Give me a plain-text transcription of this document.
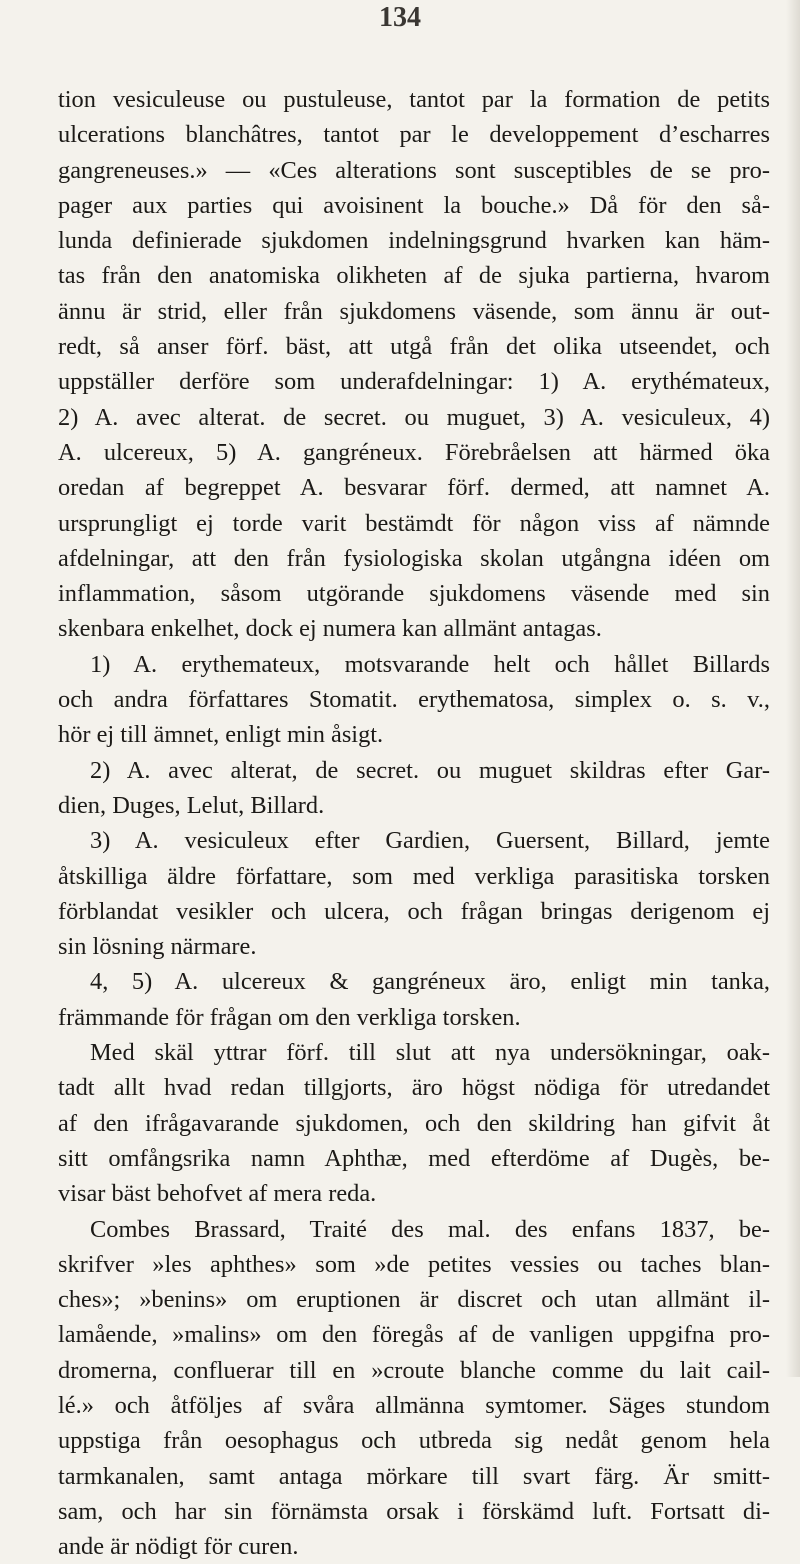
134
tion vesiculeuse ou pustuleuse, tantot par la formation de petits
ulcerations blanchâtres, tantot par le developpement d’escharres
gangreneuses.» — «Ces alterations sont susceptibles de se pro-
pager aux parties qui avoisinent la bouche.» Då för den så-
lunda definierade sjukdomen indelningsgrund hvarken kan häm-
tas från den anatomiska olikheten af de sjuka partierna, hvarom
ännu är strid, eller från sjukdomens väsende, som ännu är out-
redt, så anser förf. bäst, att utgå från det olika utseendet, och
uppställer derföre som underafdelningar: 1) A. erythémateux,
2) A. avec alterat. de secret. ou muguet, 3) A. vesiculeux, 4)
A. ulcereux, 5) A. gangréneux. Förebråelsen att härmed öka
oredan af begreppet A. besvarar förf. dermed, att namnet A.
ursprungligt ej torde varit bestämdt för någon viss af nämnde
afdelningar, att den från fysiologiska skolan utgångna idéen om
inflammation, såsom utgörande sjukdomens väsende med sin
skenbara enkelhet, dock ej numera kan allmänt antagas.
1) A. erythemateux, motsvarande helt och hållet Billards
och andra författares Stomatit. erythematosa, simplex o. s. v.,
hör ej till ämnet, enligt min åsigt.
2) A. avec alterat, de secret. ou muguet skildras efter Gar-
dien, Duges, Lelut, Billard.
3) A. vesiculeux efter Gardien, Guersent, Billard, jemte
åtskilliga äldre författare, som med verkliga parasitiska torsken
förblandat vesikler och ulcera, och frågan bringas derigenom ej
sin lösning närmare.
4, 5) A. ulcereux & gangréneux äro, enligt min tanka,
främmande för frågan om den verkliga torsken.
Med skäl yttrar förf. till slut att nya undersökningar, oak-
tadt allt hvad redan tillgjorts, äro högst nödiga för utredandet
af den ifrågavarande sjukdomen, och den skildring han gifvit åt
sitt omfångsrika namn Aphthæ, med efterdöme af Dugès, be-
visar bäst behofvet af mera reda.
Combes Brassard, Traité des mal. des enfans 1837, be-
skrifver »les aphthes» som »de petites vessies ou taches blan-
ches»; »benins» om eruptionen är discret och utan allmänt il-
lamående, »malins» om den föregås af de vanligen uppgifna pro-
dromerna, confluerar till en »croute blanche comme du lait cail-
lé.» och åtföljes af svåra allmänna symtomer. Säges stundom
uppstiga från oesophagus och utbreda sig nedåt genom hela
tarmkanalen, samt antaga mörkare till svart färg. Är smitt-
sam, och har sin förnämsta orsak i förskämd luft. Fortsatt di-
ande är nödigt för curen.
